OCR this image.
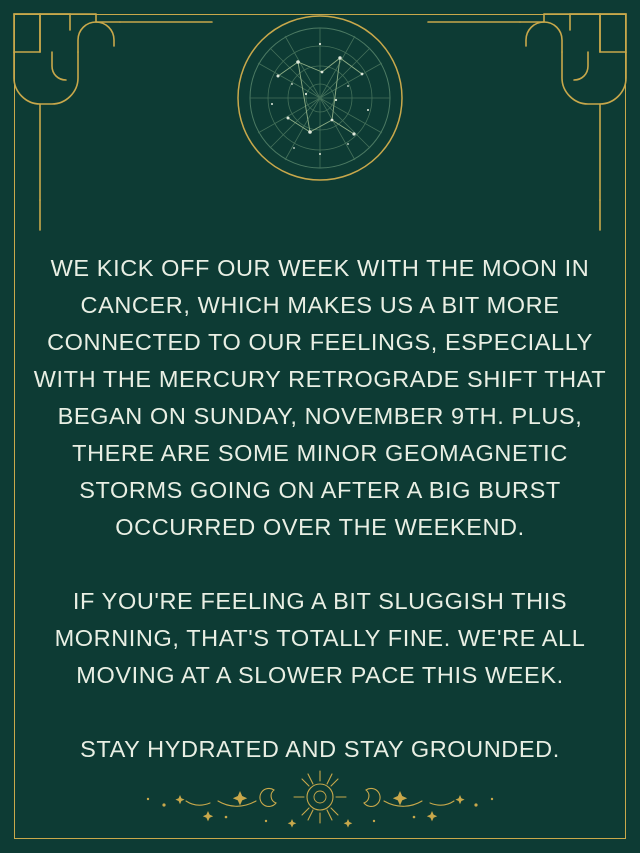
WE KICK OFF OUR WEEK WITH THE MOON IN CANCER, WHICH MAKES US A BIT MORE CONNECTED TO OUR FEELINGS, ESPECIALLY WITH THE MERCURY RETROGRADE SHIFT THAT BEGAN ON SUNDAY, NOVEMBER 9TH. PLUS, THERE ARE SOME MINOR GEOMAGNETIC STORMS GOING ON AFTER A BIG BURST OCCURRED OVER THE WEEKEND.

IF YOU'RE FEELING A BIT SLUGGISH THIS MORNING, THAT'S TOTALLY FINE. WE'RE ALL MOVING AT A SLOWER PACE THIS WEEK.

STAY HYDRATED AND STAY GROUNDED.
